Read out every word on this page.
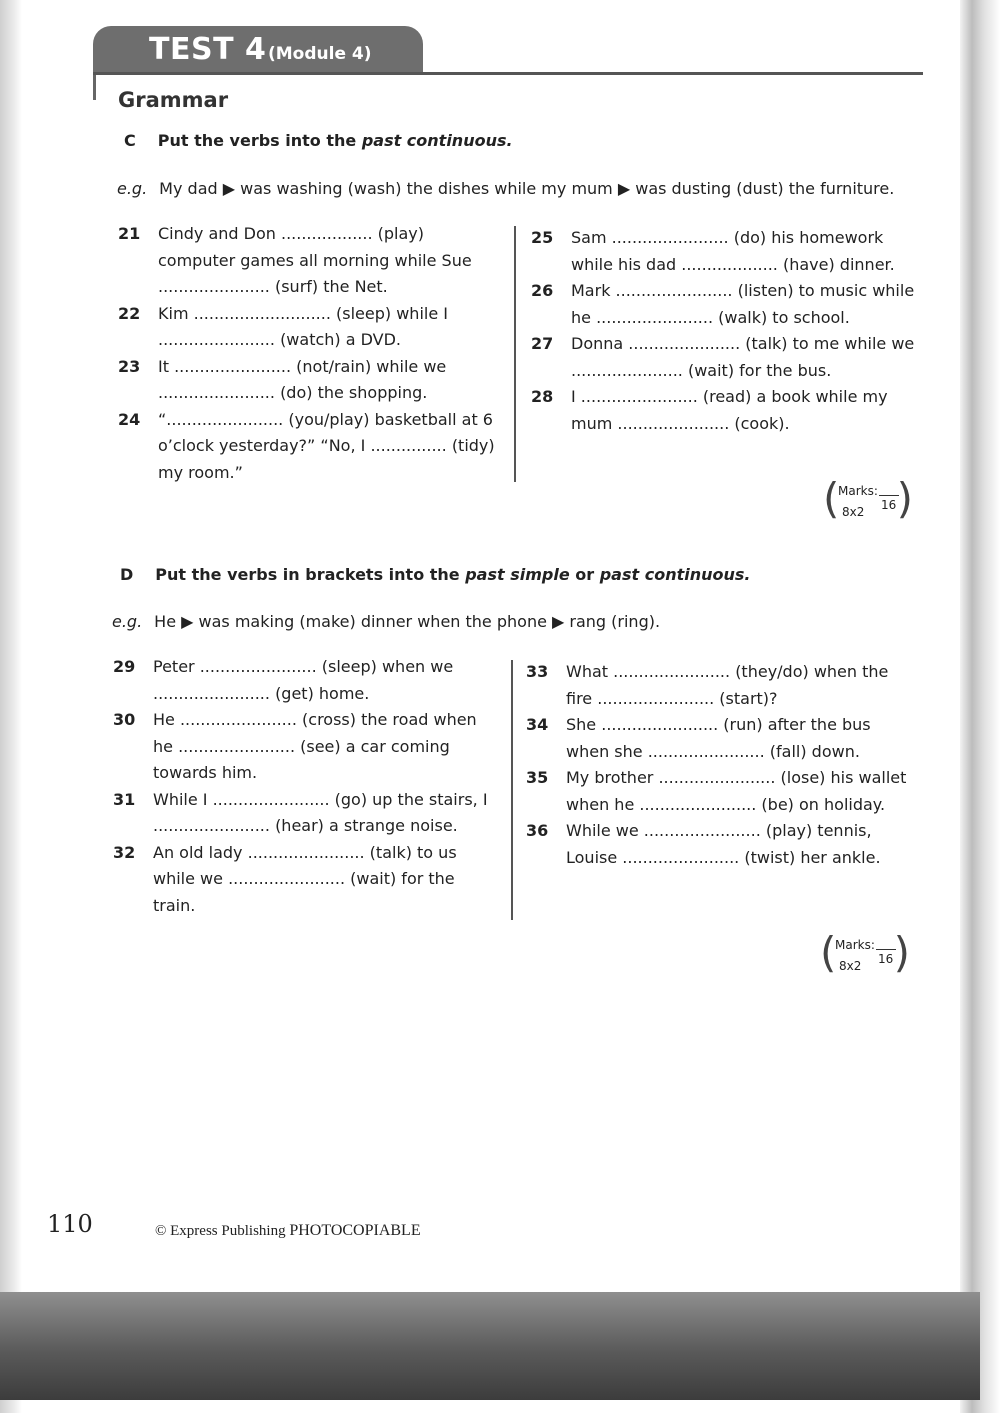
TEST 4 (Module 4)
Grammar
C Put the verbs into the past continuous.
e.g. My dad ▶ was washing (wash) the dishes while my mum ▶ was dusting (dust) the furniture.
21 Cindy and Don .................. (play) computer games all morning while Sue ...................... (surf) the Net.
22 Kim ........................... (sleep) while I ....................... (watch) a DVD.
23 It ....................... (not/rain) while we ....................... (do) the shopping.
24 “....................... (you/play) basketball at 6 o’clock yesterday?” “No, I ............... (tidy) my room.”
25 Sam ....................... (do) his homework while his dad ................... (have) dinner.
26 Mark ....................... (listen) to music while he ....................... (walk) to school.
27 Donna ...................... (talk) to me while we ...................... (wait) for the bus.
28 I ....................... (read) a book while my mum ...................... (cook).
( )
Marks:
16
8x2
D Put the verbs in brackets into the past simple or past continuous.
e.g. He ▶ was making (make) dinner when the phone ▶ rang (ring).
29 Peter ....................... (sleep) when we ....................... (get) home.
30 He ....................... (cross) the road when he ....................... (see) a car coming towards him.
31 While I ....................... (go) up the stairs, I ....................... (hear) a strange noise.
32 An old lady ....................... (talk) to us while we ....................... (wait) for the train.
33 What ....................... (they/do) when the fire ....................... (start)?
34 She ....................... (run) after the bus when she ....................... (fall) down.
35 My brother ....................... (lose) his wallet when he ....................... (be) on holiday.
36 While we ....................... (play) tennis, Louise ....................... (twist) her ankle.
( )
Marks:
16
8x2
110	© Express Publishing PHOTOCOPIABLE
